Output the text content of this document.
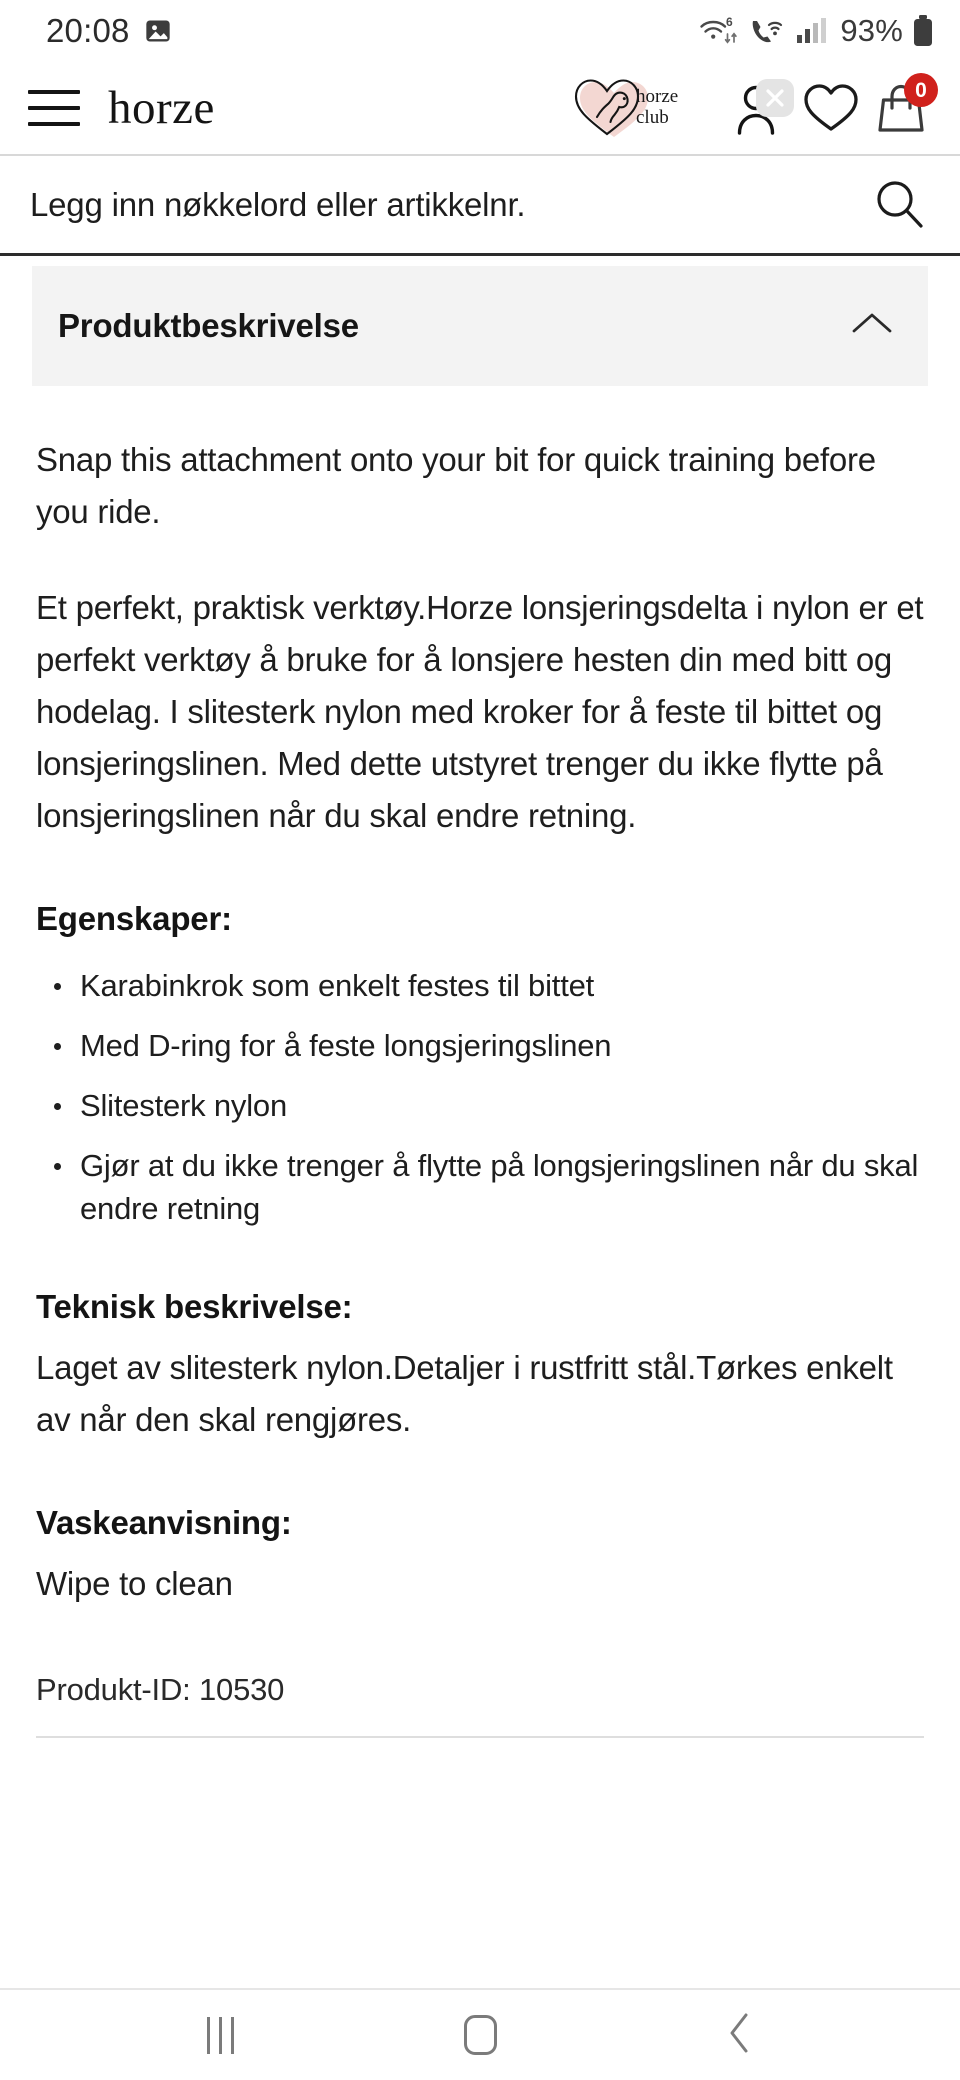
20:08	6	93%
horze	horze
club
0
Legg inn nøkkelord eller artikkelnr.
Produktbeskrivelse

Snap this attachment onto your bit for quick training before you ride.

Et perfekt, praktisk verktøy.Horze lonsjeringsdelta i nylon er et perfekt verktøy å bruke for å lonsjere hesten din med bitt og hodelag. I slitesterk nylon med kroker for å feste til bittet og lonsjeringslinen. Med dette utstyret trenger du ikke flytte på lonsjeringslinen når du skal endre retning.

Egenskaper:
Karabinkrok som enkelt festes til bittet
Med D-ring for å feste longsjeringslinen
Slitesterk nylon
Gjør at du ikke trenger å flytte på longsjeringslinen når du skal endre retning
Teknisk beskrivelse:

Laget av slitesterk nylon.Detaljer i rustfritt stål.Tørkes enkelt av når den skal rengjøres.

Vaskeanvisning:

Wipe to clean

Produkt-ID: 10530
